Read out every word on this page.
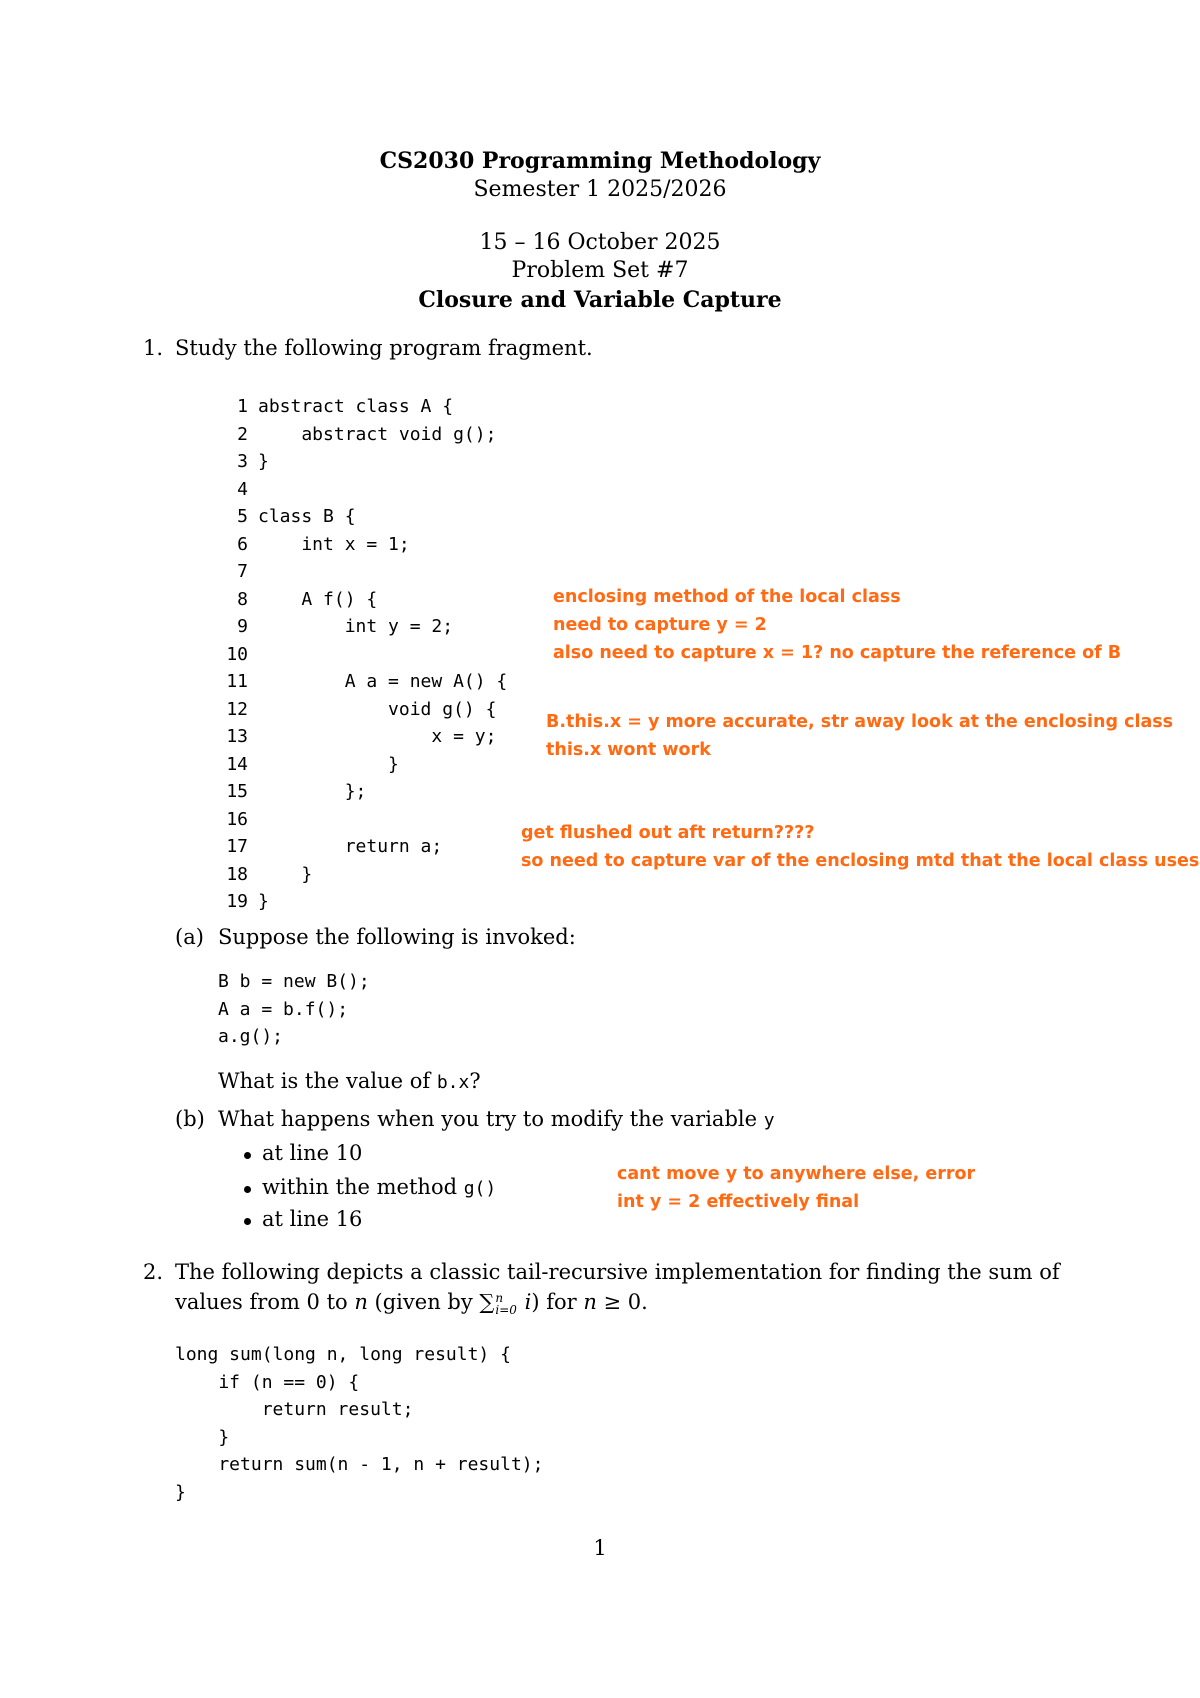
CS2030 Programming Methodology
Semester 1 2025/2026
15 – 16 October 2025
Problem Set #7
Closure and Variable Capture
1. Study the following program fragment.
1 abstract class A {
2 abstract void g();
3 }
4
5 class B {
6 int x = 1;
7
8 A f() {
9 int y = 2;
10
11 A a = new A() {
12 void g() {
13 x = y;
14 }
15 };
16
17 return a;
18 }
19 }
(a) Suppose the following is invoked:
B b = new B();
A a = b.f();
a.g();
What is the value of b.x?
(b) What happens when you try to modify the variable y
at line 10
within the method g()
at line 16
enclosing method of the local class
need to capture y = 2
also need to capture x = 1? no capture the reference of B
B.this.x = y more accurate, str away look at the enclosing class
this.x wont work
get flushed out aft return????
so need to capture var of the enclosing mtd that the local class uses
cant move y to anywhere else, error
int y = 2 effectively final
2. The following depicts a classic tail-recursive implementation for finding the sum of
values from 0 to n (given by ∑ n
i=0 i) for n ≥ 0.
long sum(long n, long result) {
if (n == 0) {
return result;
}
return sum(n - 1, n + result);
}
1
